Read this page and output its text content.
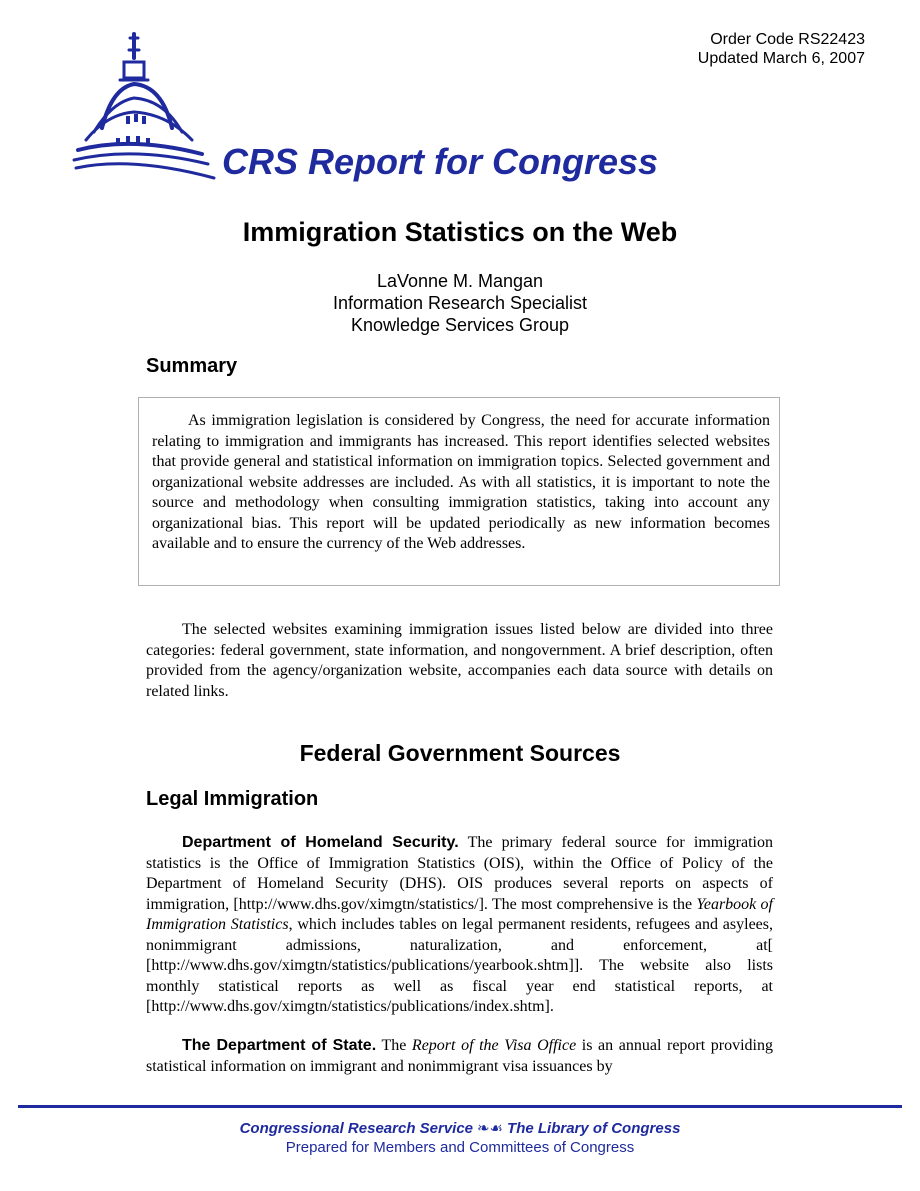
Order Code RS22423
Updated March 6, 2007
CRS Report for Congress
Immigration Statistics on the Web
LaVonne M. Mangan
Information Research Specialist
Knowledge Services Group
Summary

As immigration legislation is considered by Congress, the need for accurate information relating to immigration and immigrants has increased. This report identifies selected websites that provide general and statistical information on immigration topics. Selected government and organizational website addresses are included. As with all statistics, it is important to note the source and methodology when consulting immigration statistics, taking into account any organizational bias. This report will be updated periodically as new information becomes available and to ensure the currency of the Web addresses.

The selected websites examining immigration issues listed below are divided into three categories: federal government, state information, and nongovernment. A brief description, often provided from the agency/organization website, accompanies each data source with details on related links.

Federal Government Sources
Legal Immigration

Department of Homeland Security. The primary federal source for immigration statistics is the Office of Immigration Statistics (OIS), within the Office of Policy of the Department of Homeland Security (DHS). OIS produces several reports on aspects of immigration, [http://www.dhs.gov/ximgtn/statistics/]. The most comprehensive is the Yearbook of Immigration Statistics, which includes tables on legal permanent residents, refugees and asylees, nonimmigrant admissions, naturalization, and enforcement, at[ [http://www.dhs.gov/ximgtn/statistics/publications/yearbook.shtm]]. The website also lists monthly statistical reports as well as fiscal year end statistical reports, at [http://www.dhs.gov/ximgtn/statistics/publications/index.shtm].

The Department of State. The Report of the Visa Office is an annual report providing statistical information on immigrant and nonimmigrant visa issuances by

Congressional Research Service ❧☙ The Library of Congress
Prepared for Members and Committees of Congress
